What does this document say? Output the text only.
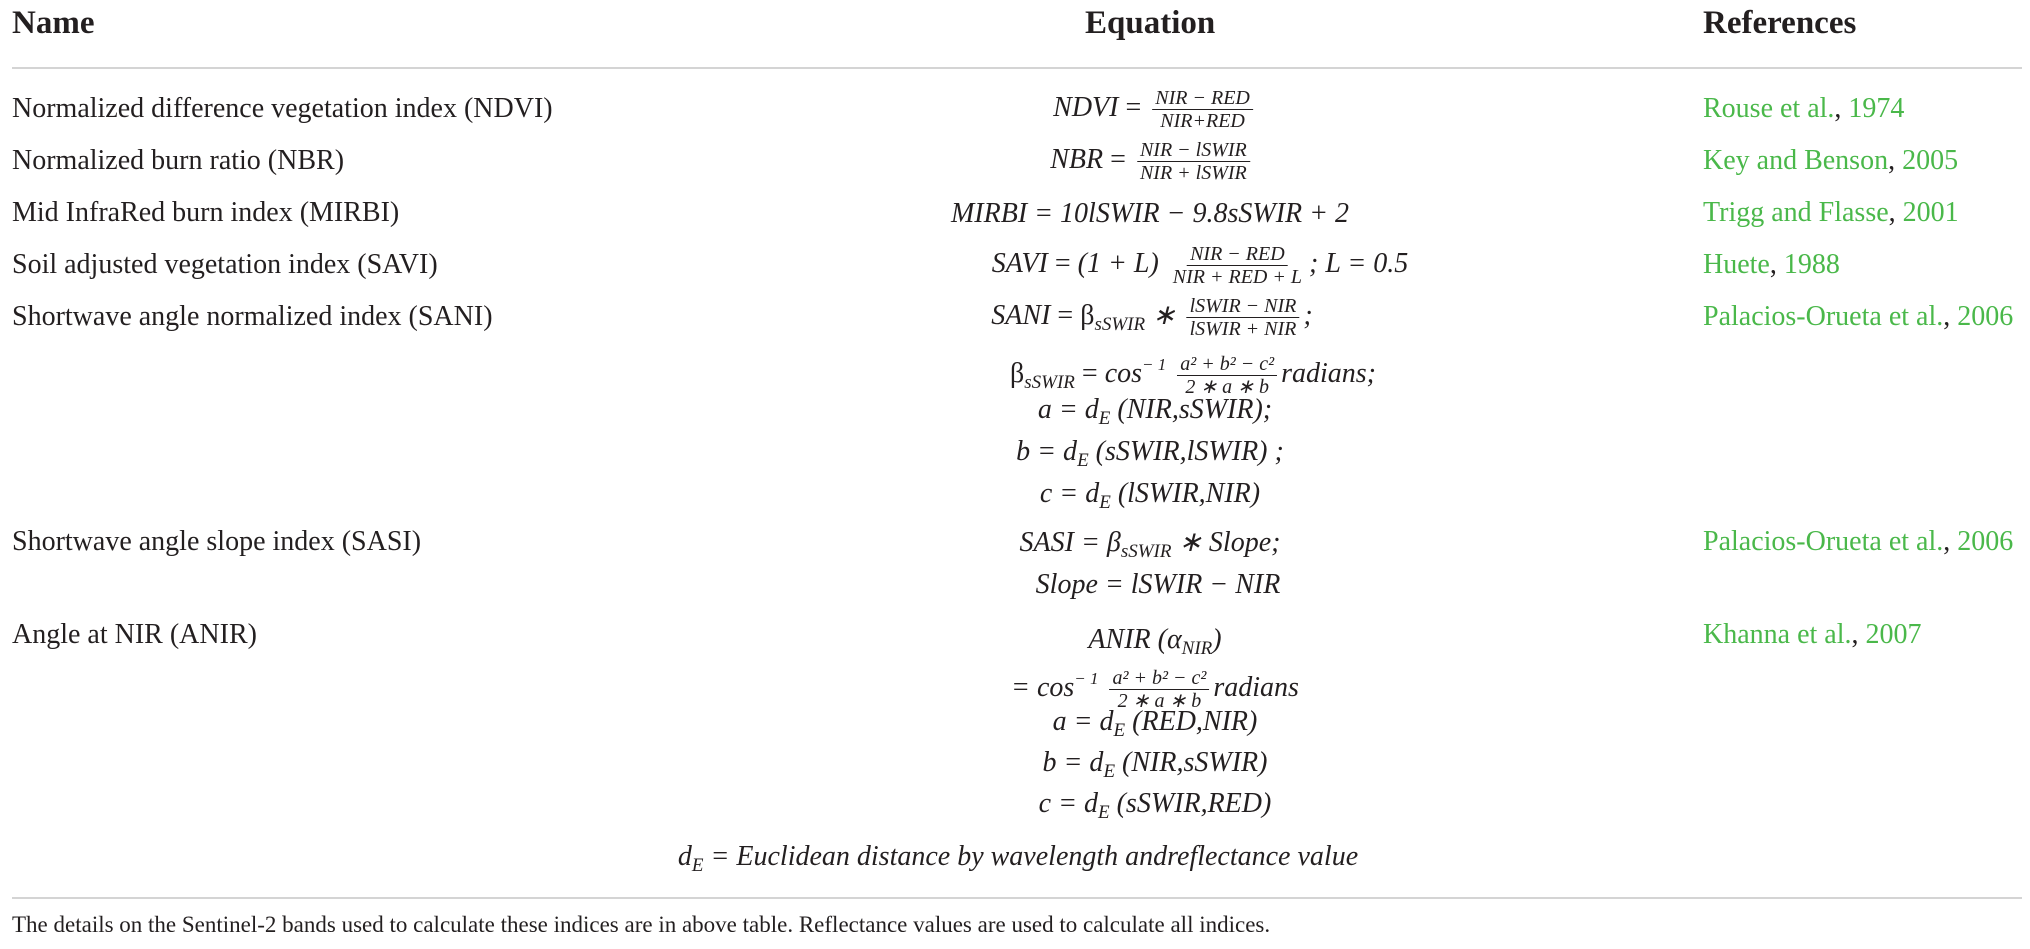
Name	Equation	References
Normalized difference vegetation index (NDVI)
Normalized burn ratio (NBR)
Mid InfraRed burn index (MIRBI)
Soil adjusted vegetation index (SAVI)
Shortwave angle normalized index (SANI)
Shortwave angle slope index (SASI)
Angle at NIR (ANIR)
Rouse et al., 1974
Key and Benson, 2005
Trigg and Flasse, 2001
Huete, 1988
Palacios-Orueta et al., 2006
Palacios-Orueta et al., 2006
Khanna et al., 2007
NDVI = $\frac{\text{NIR − RED}}{\text{NIR+RED}}$
NBR = $\frac{\text{NIR − lSWIR}}{\text{NIR + lSWIR}}$
MIRBI = 10lSWIR − 9.8sSWIR + 2
SAVI = $(1 + L) \frac{\text{NIR − RED}}{\text{NIR + RED + L}}$ ; L = 0.5
SANI = $\beta_{sSWIR}$ ∗ $\frac{\text{lSWIR − NIR}}{\text{lSWIR + NIR}}$ ;
$\beta_{sSWIR} = \cos^{- 1} \frac{\text{a² + b² − c²}}{2 ∗ a ∗ b}$ radians;
$a = d_E$ (NIR,sSWIR);
$b = d_E$ (sSWIR,lSWIR) ;
$c = d_E$ (lSWIR,NIR)
SASI = $\beta_{sSWIR}$ ∗ Slope;
Slope = lSWIR − NIR
ANIR $(\alpha_{NIR})$
= $\cos^{- 1} \frac{\text{a² + b² − c²}}{2 ∗ a ∗ b}$ radians
$a = d_E$ (RED,NIR)
$b = d_E$ (NIR,sSWIR)
$c = d_E$ (sSWIR,RED)
$d_E$ = Euclidean distance by wavelength andreflectance value
The details on the Sentinel-2 bands used to calculate these indices are in above table. Reflectance values are used to calculate all indices.
